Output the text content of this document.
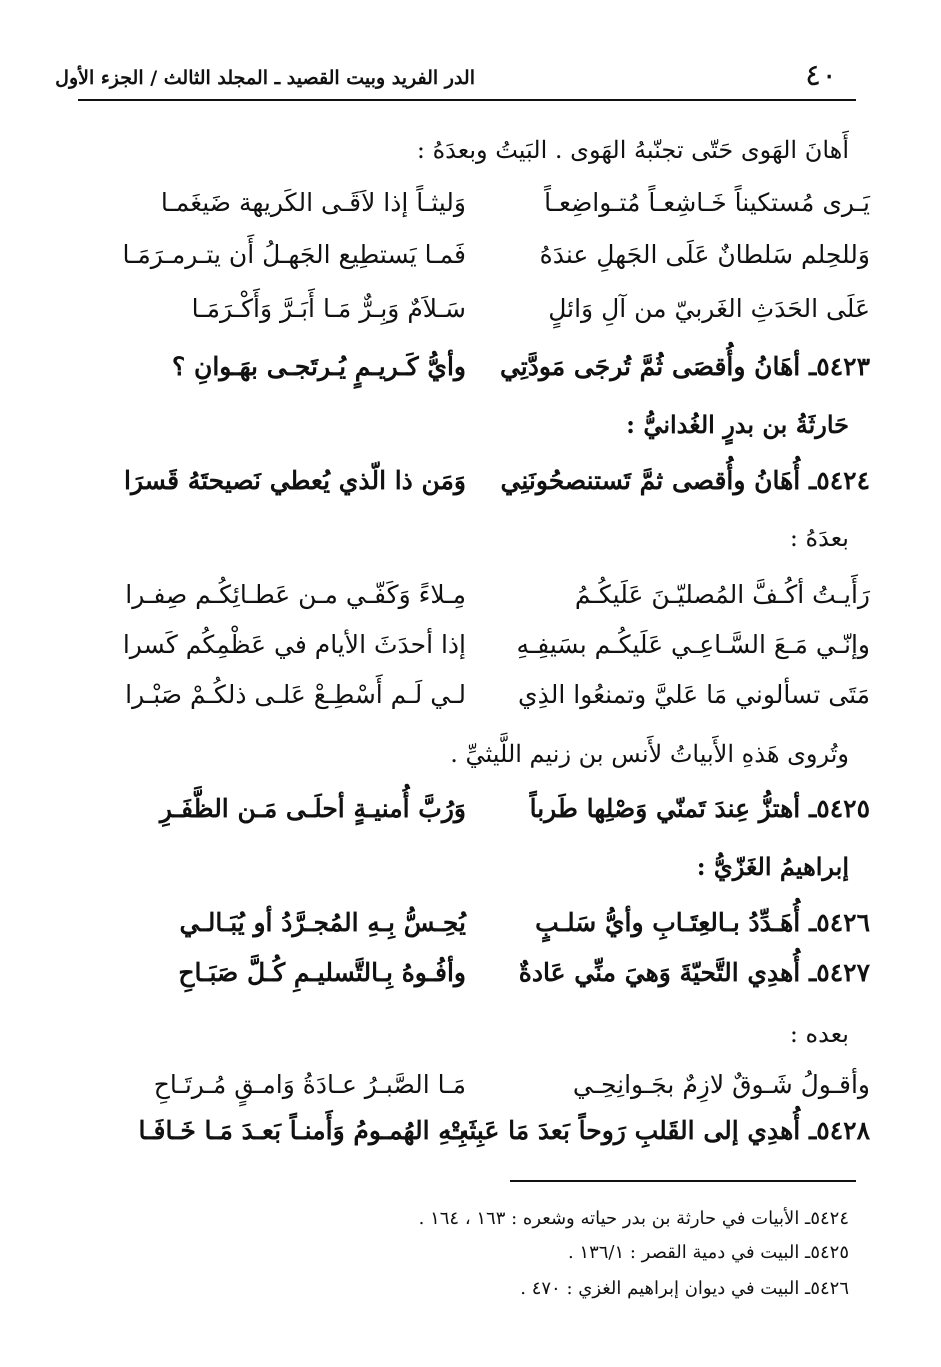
٤٠
الدر الفريد وبيت القصيد ـ المجلد الثالث / الجزء الأول
أَهانَ الهَوى حَتّى تجنّبهُ الهَوى . البَيتُ وبعدَهُ :
يَـرى مُستكيناً خَـاشِعـاً مُتـواضِعـاً
وَليثـاً إذا لاَقَـى الكَريهة ضَيغَمـا
وَللحِلم سَلطانٌ عَلَى الجَهلِ عندَهُ
فَمـا يَستطِيع الجَهـلُ أَن يتـرمـرَمَـا
عَلَى الحَدَثِ الغَربيّ من آلِ وَائلٍ
سَـلاَمٌ وَبِـرٌّ مَـا أَبَـرَّ وَأَكْـرَمَـا
٥٤٢٣ـ أهَانُ وأُقصَى ثُمَّ تُرجَى مَودَّتِي
وأيُّ كَـريـمٍ يُـرتَجـى بهَـوانِ ؟
حَارثَةُ بن بدرٍ الغُدانيُّ :
٥٤٢٤ـ أُهَانُ وأُقصى ثمَّ تَستنصحُونَنِي
وَمَن ذا الّذي يُعطي نَصيحتَهُ قَسرَا
بعدَهُ :
رَأَيـتُ أكُـفَّ المُصليّـنَ عَلَيكُـمُ
مِـلاءً وَكَفّـي مـن عَطـائِكُـم صِفـرا
وإنّـي مَـعَ السَّـاعِـي عَلَيكُـم بسَيفِـهِ
إذا أحدَثَ الأيام في عَظْمِكُم كَسرا
مَتَى تسألوني مَا عَليَّ وتمنعُوا الذِي
لـي لَـم أَسْطِـعْ عَلـى ذلكُـمْ صَبْـرا
وتُروى هَذهِ الأَبياتُ لأَنس بن زنيم اللَّيثيِّ .
٥٤٢٥ـ أهتزُّ عِندَ تَمنّي وَصْلِها طَرباً
وَرُبَّ أُمنيـةٍ أحلَـى مَـن الظَّفَـرِ
إبراهيمُ الغَزّيُّ :
٥٤٢٦ـ أُهَـدِّدُ بـالعِتَـابِ وأيُّ سَلـبٍ
يُحِـسُّ بِـهِ المُجـرَّدُ أو يُبَـالـي
٥٤٢٧ـ أُهدِي التَّحيّةَ وَهيَ منِّي عَادةٌ
وأفُـوهُ بِـالتَّسليـمِ كُـلَّ صَبَـاحِ
بعده :
وأقـولُ شَـوقٌ لازِمٌ بجَـوانِحِـي
مَـا الصَّبـرُ عـادَةُ وَامـقٍ مُـرتَـاحِ
٥٤٢٨ـ أُهدِي إلى القَلبِ رَوحاً بَعدَ مَا عَبِثَتْ
بِـهِ الهُمـومُ وَأَمنـاً بَعـدَ مَـا خَـافَـا
٥٤٢٤ـ الأبيات في حارثة بن بدر حياته وشعره : ١٦٣ ، ١٦٤ .
٥٤٢٥ـ البيت في دمية القصر : ١٣٦/١ .
٥٤٢٦ـ البيت في ديوان إبراهيم الغزي : ٤٧٠ .
